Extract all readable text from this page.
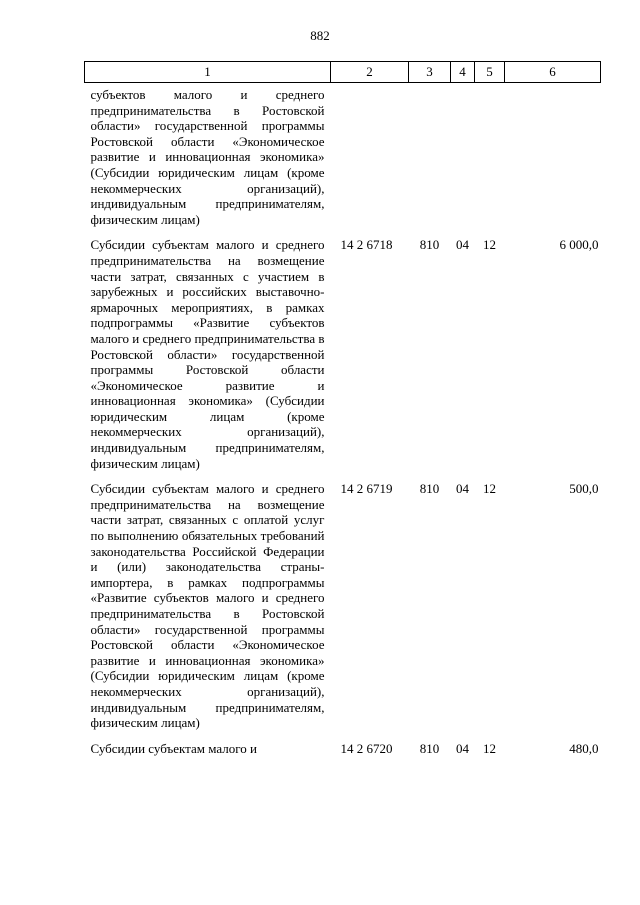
882
1	2	3	4	5	6

субъектов малого и среднего предпринимательства в Ростовской области» государственной программы Ростовской области «Экономическое развитие и инновационная экономика» (Субсидии юридическим лицам (кроме некоммерческих организаций), индивидуальным предпринимателям, физическим лицам)					

Субсидии субъектам малого и среднего предпринимательства на возмещение части затрат, связанных с участием в зарубежных и российских выставочно-ярмарочных мероприятиях, в рамках подпрограммы «Развитие субъектов малого и среднего предпринимательства в Ростовской области» государственной программы Ростовской области «Экономическое развитие и инновационная экономика» (Субсидии юридическим лицам (кроме некоммерческих организаций), индивидуальным предпринимателям, физическим лицам)	14 2 6718	810	04	12	6 000,0

Субсидии субъектам малого и среднего предпринимательства на возмещение части затрат, связанных с оплатой услуг по выполнению обязательных требований законодательства Российской Федерации и (или) законодательства страны-импортера, в рамках подпрограммы «Развитие субъектов малого и среднего предпринимательства в Ростовской области» государственной программы Ростовской области «Экономическое развитие и инновационная экономика» (Субсидии юридическим лицам (кроме некоммерческих организаций), индивидуальным предпринимателям, физическим лицам)	14 2 6719	810	04	12	500,0

Субсидии субъектам малого и	14 2 6720	810	04	12	480,0
